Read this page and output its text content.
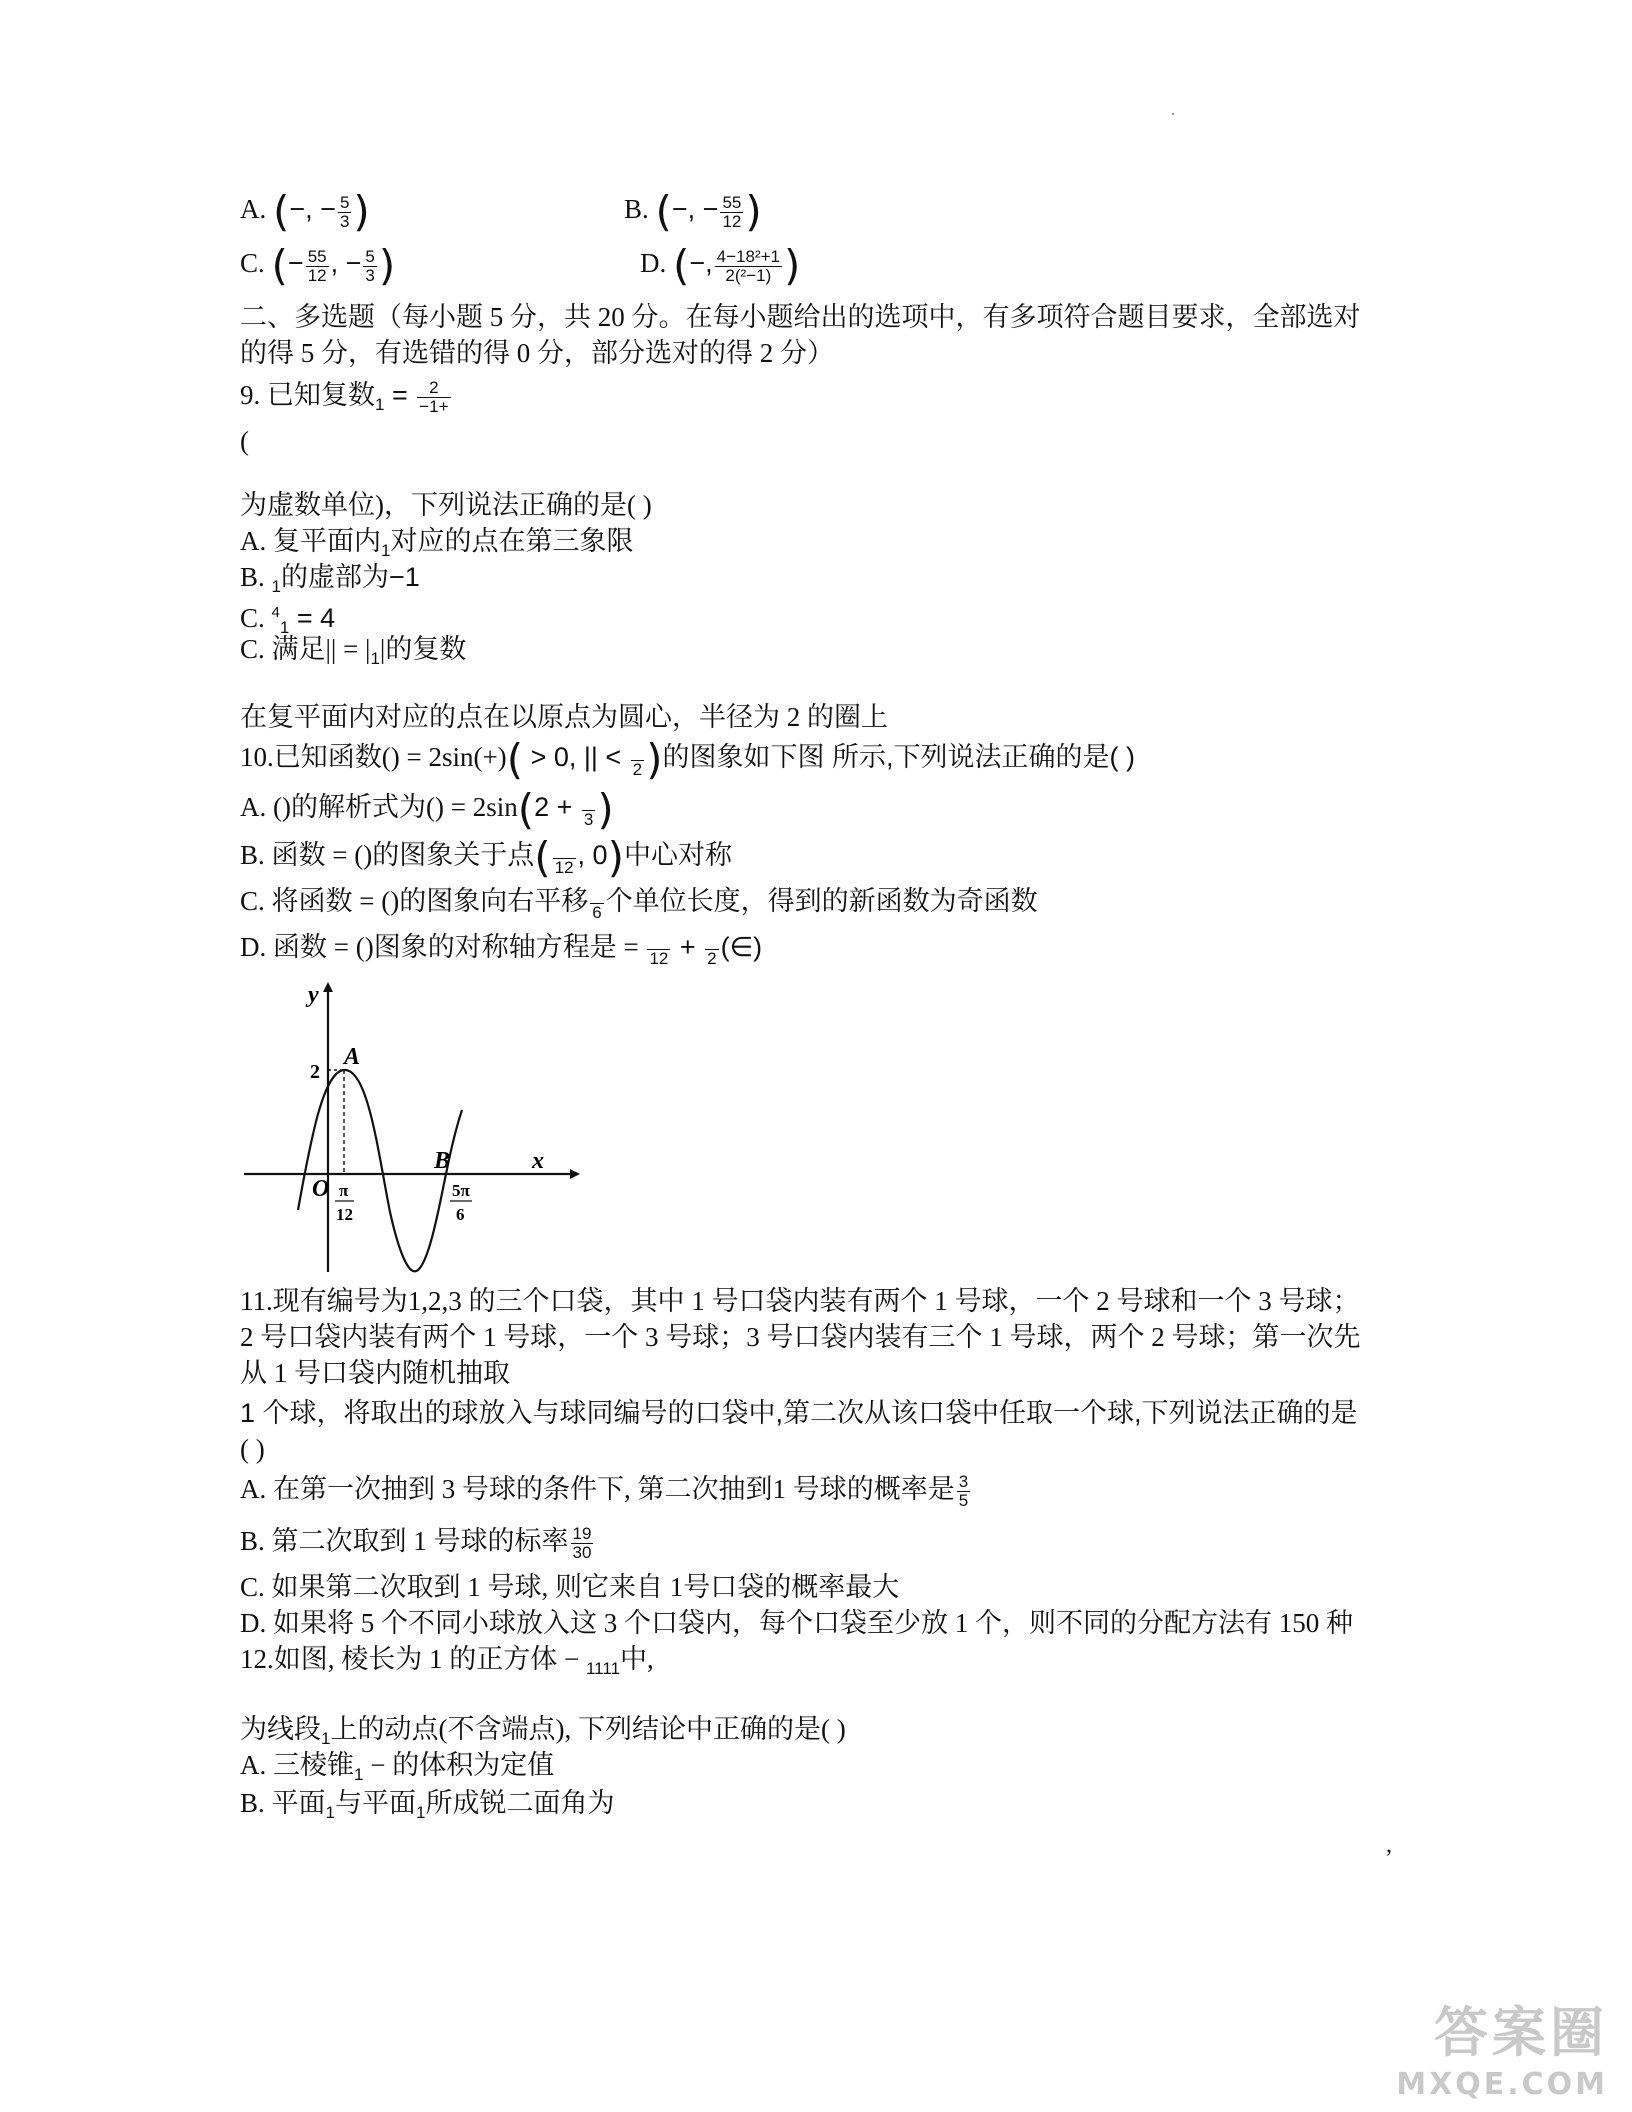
A. (−, − $\frac{5}{3}$ )	B. (−, − $\frac{55}{12}$ )
C. (− $\frac{55}{12}$ , − $\frac{5}{3}$ )	D. (−, $\frac{\text{4−18²+1}}{\text{2(²−1)}}$ )
二、多选题（每小题 5 分，共 20 分。在每小题给出的选项中，有多项符合题目要求，全部选对
的得 5 分，有选错的得 0 分，部分选对的得 2 分）
9. 已知复数$_1 = \frac{2}{-1+}$
(
为虚数单位)，下列说法正确的是( )
A. 复平面内$_1$对应的点在第三象限
B. $_1$的虚部为−1
C. $^4_1$ = 4
C. 满足|| = $|_1|$的复数
在复平面内对应的点在以原点为圆心，半径为 2 的圈上
10.已知函数() = 2sin(+)( > 0, || < 2 )的图象如下图 所示,下列说法正确的是( )
A. ()的解析式为() = 2sin(2 + 3 )
B. 函数 = ()的图象关于点( 12 , 0)中心对称
C. 将函数 = ()的图象向右平移 6 个单位长度，得到的新函数为奇函数
D. 函数 = ()图象的对称轴方程是 = 12 + 2 (∈)
y
x
O
A
B
2
π
12
5π
6
11.现有编号为1,2,3 的三个口袋，其中 1 号口袋内装有两个 1 号球，一个 2 号球和一个 3 号球；
2 号口袋内装有两个 1 号球，一个 3 号球；3 号口袋内装有三个 1 号球，两个 2 号球；第一次先
从 1 号口袋内随机抽取
1 个球，将取出的球放入与球同编号的口袋中,第二次从该口袋中任取一个球,下列说法正确的是
( )
A. 在第一次抽到 3 号球的条件下, 第二次抽到1 号球的概率是 $\frac{3}{5}$
B. 第二次取到 1 号球的标率 $\frac{19}{30}$
C. 如果第二次取到 1 号球, 则它来自 1号口袋的概率最大
D. 如果将 5 个不同小球放入这 3 个口袋内，每个口袋至少放 1 个，则不同的分配方法有 150 种
12.如图, 棱长为 1 的正方体 − $_{1111}$中,
为线段$_1$上的动点(不含端点), 下列结论中正确的是( )
A. 三棱锥$_1$ − 的体积为定值
B. 平面$_1$与平面$_1$所成锐二面角为
·
,
答案圈
MXQE.COM
